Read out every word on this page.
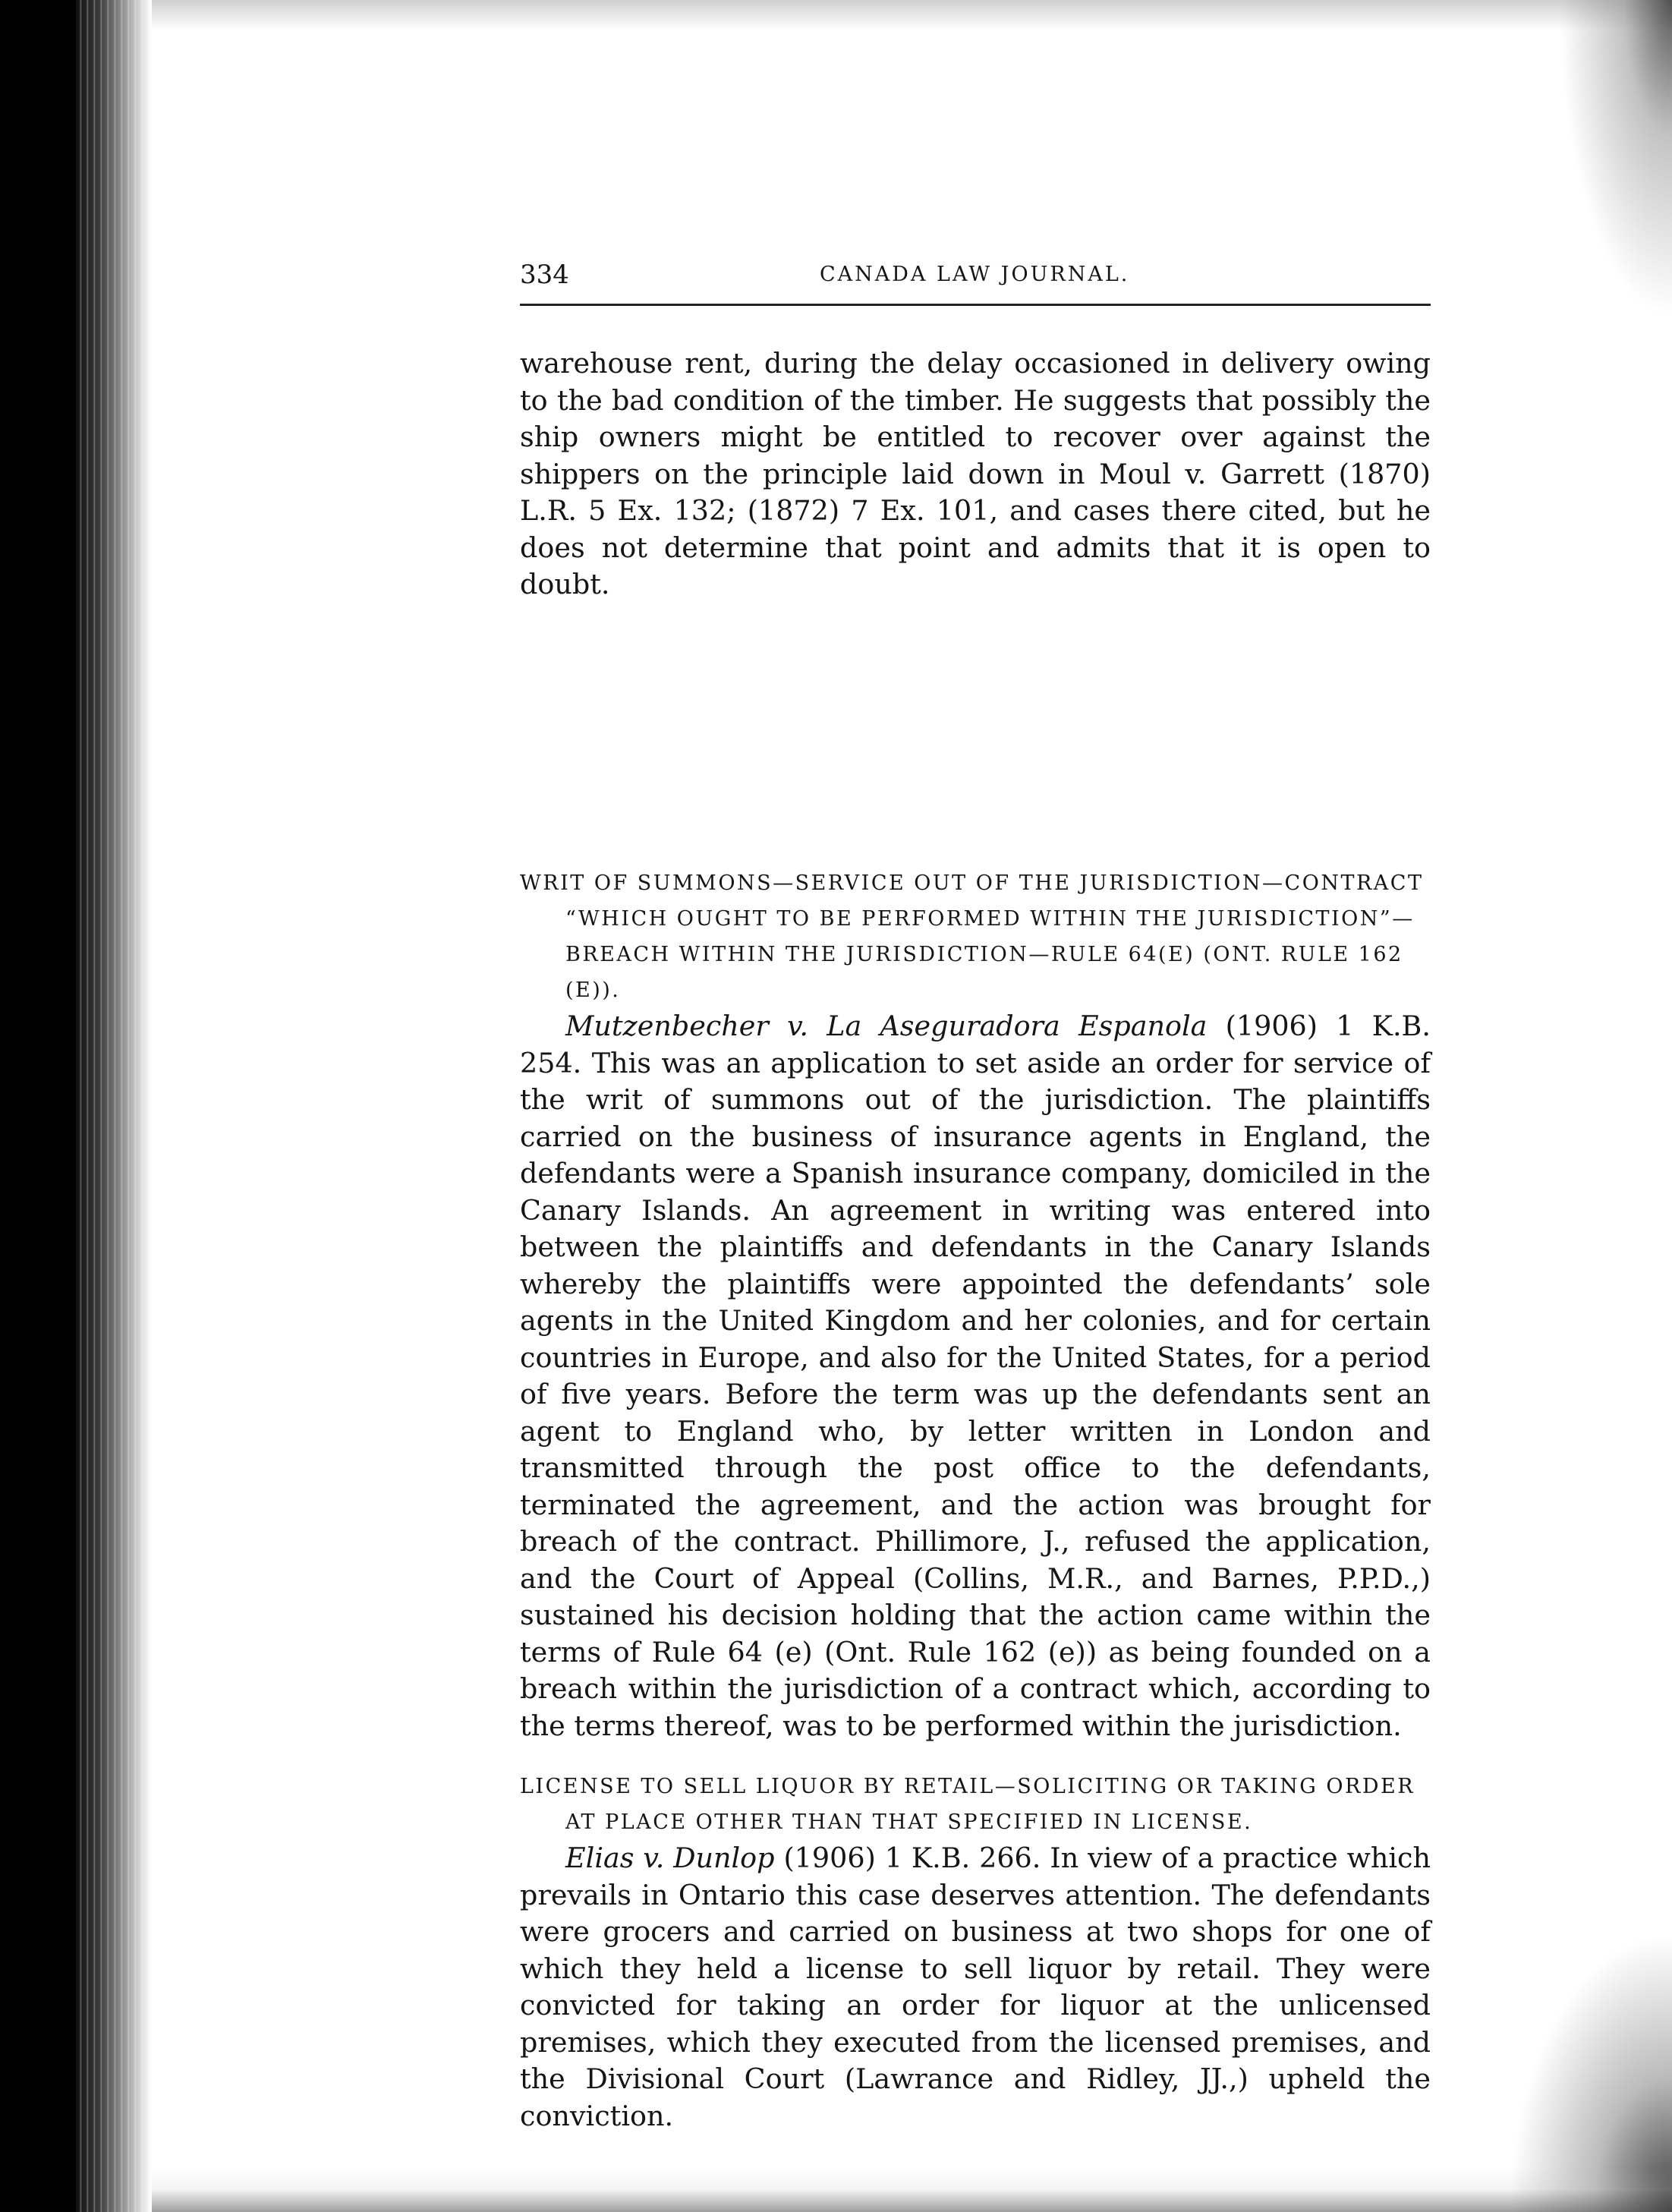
334	CANADA LAW JOURNAL.

warehouse rent, during the delay occasioned in delivery owing to the bad condition of the timber. He suggests that possibly the ship owners might be entitled to recover over against the shippers on the principle laid down in Moul v. Garrett (1870) L.R. 5 Ex. 132; (1872) 7 Ex. 101, and cases there cited, but he does not determine that point and admits that it is open to doubt.

WRIT OF SUMMONS—SERVICE OUT OF THE JURISDICTION—CONTRACT “WHICH OUGHT TO BE PERFORMED WITHIN THE JURISDICTION”—BREACH WITHIN THE JURISDICTION—RULE 64(E) (ONT. RULE 162 (E)).

Mutzenbecher v. La Aseguradora Espanola (1906) 1 K.B. 254. This was an application to set aside an order for service of the writ of summons out of the jurisdiction. The plaintiffs carried on the business of insurance agents in England, the defendants were a Spanish insurance company, domiciled in the Canary Islands. An agreement in writing was entered into between the plaintiffs and defendants in the Canary Islands whereby the plaintiffs were appointed the defendants’ sole agents in the United Kingdom and her colonies, and for certain countries in Europe, and also for the United States, for a period of five years. Before the term was up the defendants sent an agent to England who, by letter written in London and transmitted through the post office to the defendants, terminated the agreement, and the action was brought for breach of the contract. Phillimore, J., refused the application, and the Court of Appeal (Collins, M.R., and Barnes, P.P.D.,) sustained his decision holding that the action came within the terms of Rule 64 (e) (Ont. Rule 162 (e)) as being founded on a breach within the jurisdiction of a contract which, according to the terms thereof, was to be performed within the jurisdiction.

LICENSE TO SELL LIQUOR BY RETAIL—SOLICITING OR TAKING ORDER AT PLACE OTHER THAN THAT SPECIFIED IN LICENSE.

Elias v. Dunlop (1906) 1 K.B. 266. In view of a practice which prevails in Ontario this case deserves attention. The defendants were grocers and carried on business at two shops for one of which they held a license to sell liquor by retail. They were convicted for taking an order for liquor at the unlicensed premises, which they executed from the licensed premises, and the Divisional Court (Lawrance and Ridley, JJ.,) upheld the conviction.
